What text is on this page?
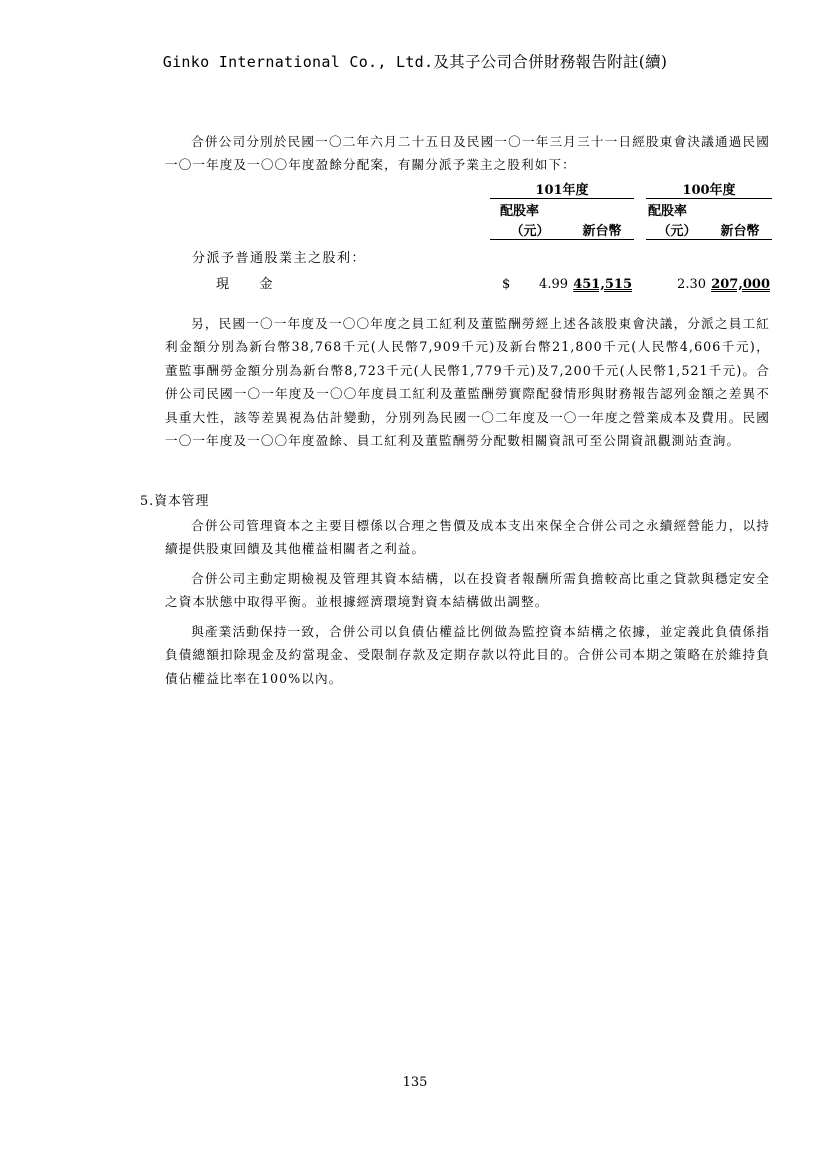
Ginko International Co., Ltd.及其子公司合併財務報告附註(續)
合併公司分別於民國一〇二年六月二十五日及民國一〇一年三月三十一日經股東會決議通過民國一〇一年度及一〇〇年度盈餘分配案，有關分派予業主之股利如下：
	101年度			100年度	
	配股率			配股率	
	（元）	新台幣		（元）	新台幣
分派予普通股業主之股利：					
現　　金	$ 4.99	451,515		2.30	207,000
另，民國一〇一年度及一〇〇年度之員工紅利及董監酬勞經上述各該股東會決議，分派之員工紅利金額分別為新台幣38,768千元(人民幣7,909千元)及新台幣21,800千元(人民幣4,606千元)，董監事酬勞金額分別為新台幣8,723千元(人民幣1,779千元)及7,200千元(人民幣1,521千元)。合併公司民國一〇一年度及一〇〇年度員工紅利及董監酬勞實際配發情形與財務報告認列金額之差異不具重大性，該等差異視為估計變動，分別列為民國一〇二年度及一〇一年度之營業成本及費用。民國一〇一年度及一〇〇年度盈餘、員工紅利及董監酬勞分配數相關資訊可至公開資訊觀測站查詢。
5.資本管理
合併公司管理資本之主要目標係以合理之售價及成本支出來保全合併公司之永續經營能力，以持續提供股東回饋及其他權益相關者之利益。
合併公司主動定期檢視及管理其資本結構，以在投資者報酬所需負擔較高比重之貸款與穩定安全之資本狀態中取得平衡。並根據經濟環境對資本結構做出調整。
與產業活動保持一致，合併公司以負債佔權益比例做為監控資本結構之依據，並定義此負債係指負債總額扣除現金及約當現金、受限制存款及定期存款以符此目的。合併公司本期之策略在於維持負債佔權益比率在100%以內。
135
